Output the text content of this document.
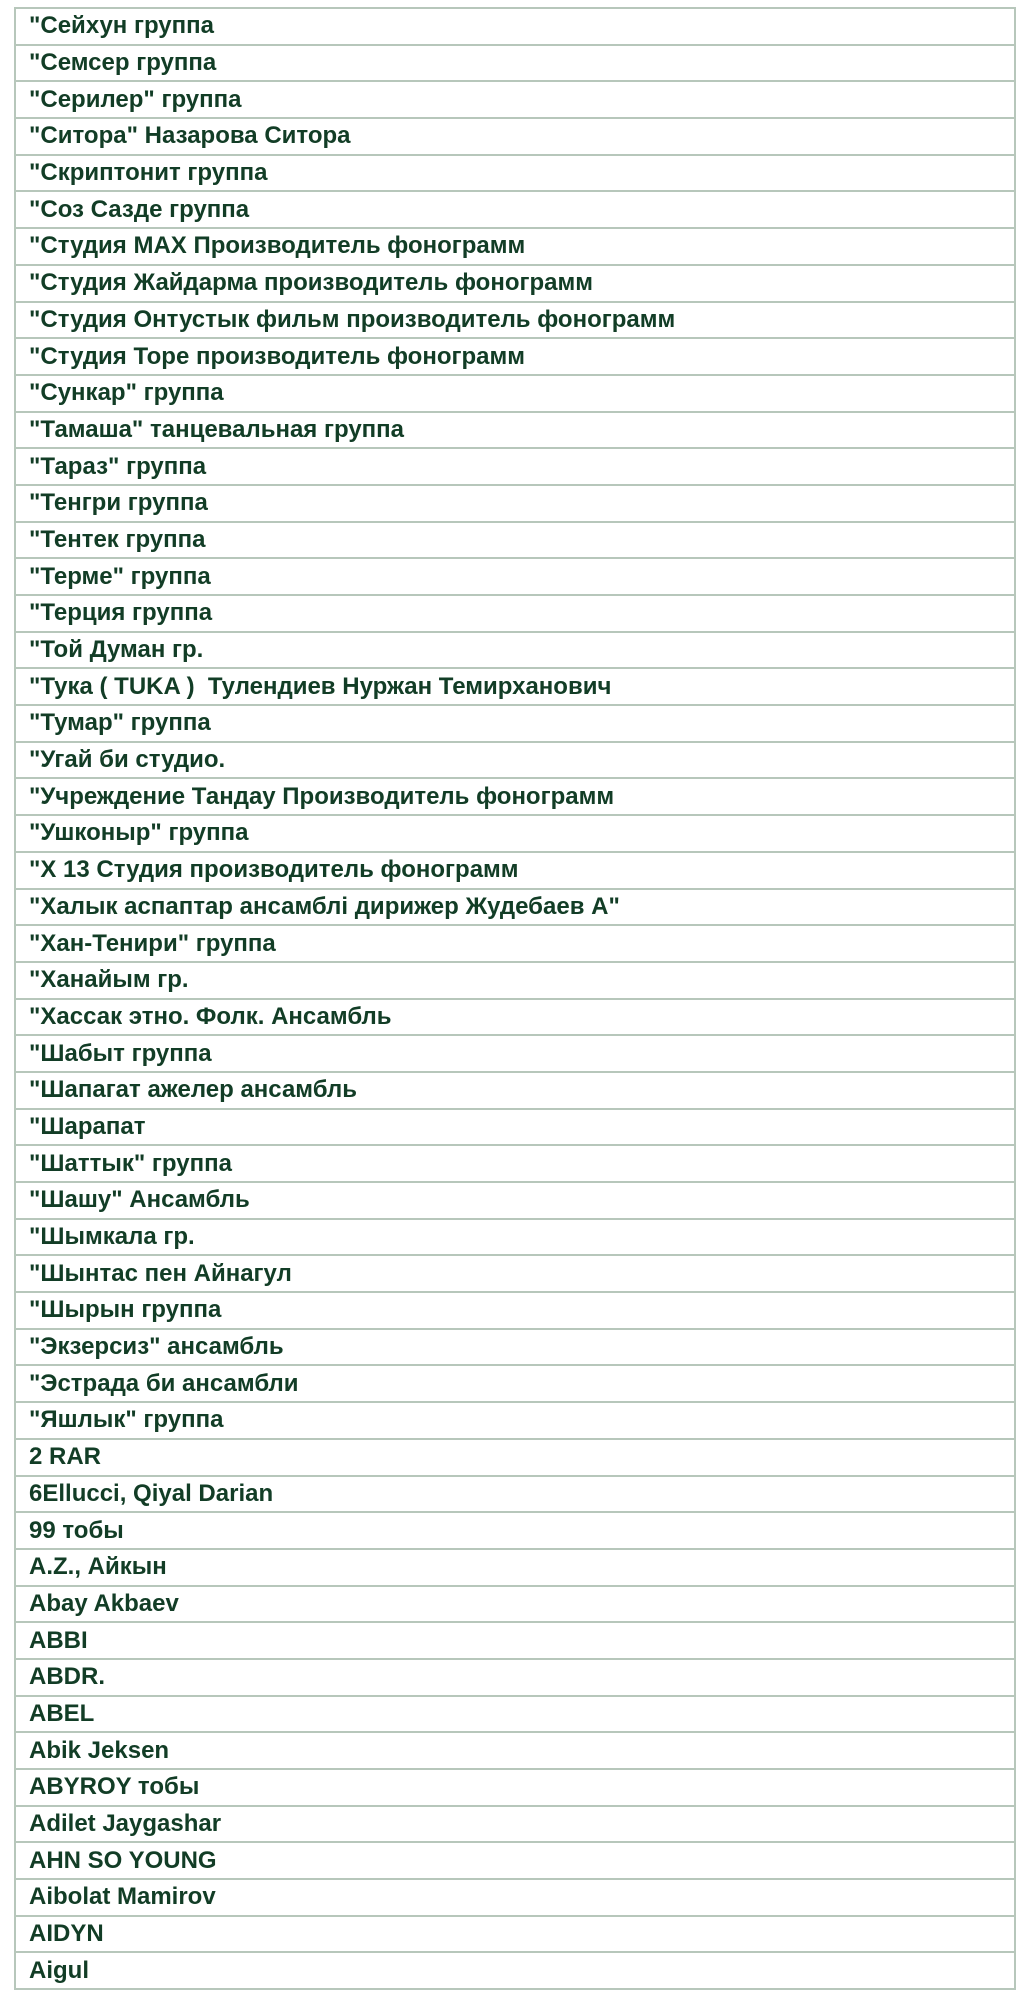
"Сейхун группа
"Семсер группа
"Серилер" группа
"Ситора" Назарова Ситора
"Скриптонит группа
"Соз Сазде группа
"Студия MAX Производитель фонограмм
"Студия Жайдарма производитель фонограмм
"Студия Онтустык фильм производитель фонограмм
"Студия Торе производитель фонограмм
"Сункар" группа
"Тамаша" танцевальная группа
"Тараз" группа
"Тенгри группа
"Тентек группа
"Терме" группа
"Терция группа
"Той Думан гр.
"Тука ( TUKA )  Тулендиев Нуржан Темирханович
"Тумар" группа
"Угай би студио.
"Учреждение Тандау Производитель фонограмм
"Ушконыр" группа
"Х 13 Студия производитель фонограмм
"Халык аспаптар ансамблі дирижер Жудебаев А"
"Хан-Тенири" группа
"Ханайым гр.
"Хассак этно. Фолк. Ансамбль
"Шабыт группа
"Шапагат ажелер ансамбль
"Шарапат
"Шаттык" группа
"Шашу" Ансамбль
"Шымкала гр.
"Шынтас пен Айнагул
"Шырын группа
"Экзерсиз" ансамбль
"Эстрада би ансамбли
"Яшлык" группа
2 RAR
6Ellucci, Qiyal Darian
99 тобы
A.Z., Айкын
Abay Akbaev
ABBI
ABDR.
ABEL
Abik Jeksen
ABYROY тобы
Adilet Jaygashar
AHN SO YOUNG
Aibolat Mamirov
AIDYN
Aigul
